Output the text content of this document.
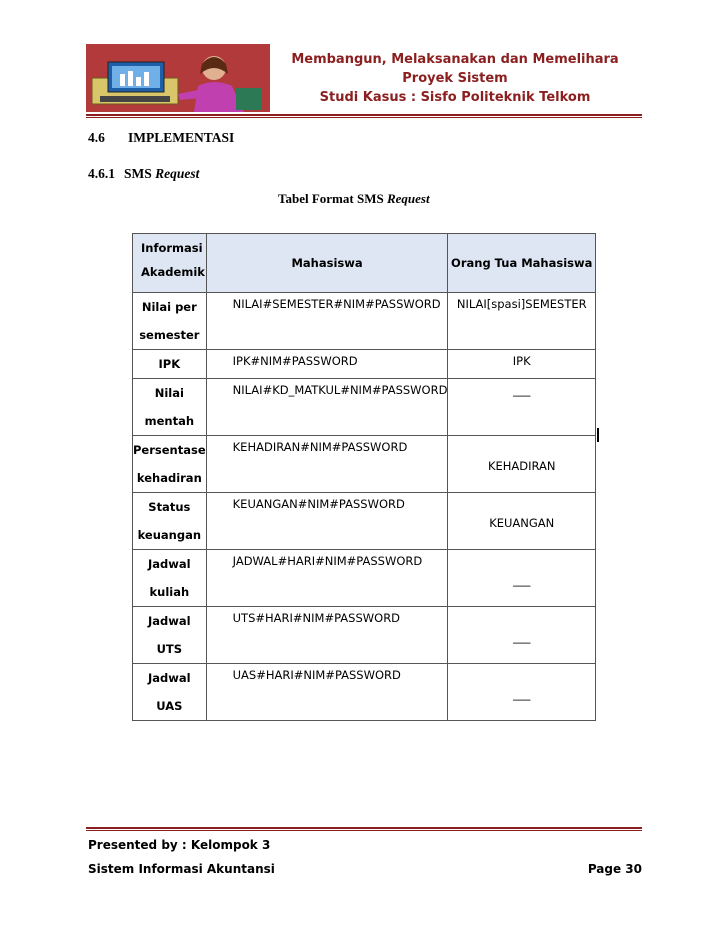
Membangun, Melaksanakan dan Memelihara
Proyek Sistem
Studi Kasus : Sisfo Politeknik Telkom
4.6 IMPLEMENTASI
4.6.1 SMS Request
Tabel Format SMS Request
Informasi
Akademik	Mahasiswa	Orang Tua Mahasiswa

Nilai per
semester	NILAI#SEMESTER#NIM#PASSWORD	NILAI[spasi]SEMESTER

IPK	IPK#NIM#PASSWORD	IPK

Nilai
mentah	NILAI#KD_MATKUL#NIM#PASSWORD	___

Persentase
kehadiran	KEHADIRAN#NIM#PASSWORD	KEHADIRAN

Status
keuangan	KEUANGAN#NIM#PASSWORD	KEUANGAN

Jadwal
kuliah	JADWAL#HARI#NIM#PASSWORD	___

Jadwal
UTS	UTS#HARI#NIM#PASSWORD	___

Jadwal
UAS	UAS#HARI#NIM#PASSWORD	___
Presented by : Kelompok 3
Sistem Informasi Akuntansi	Page 30
